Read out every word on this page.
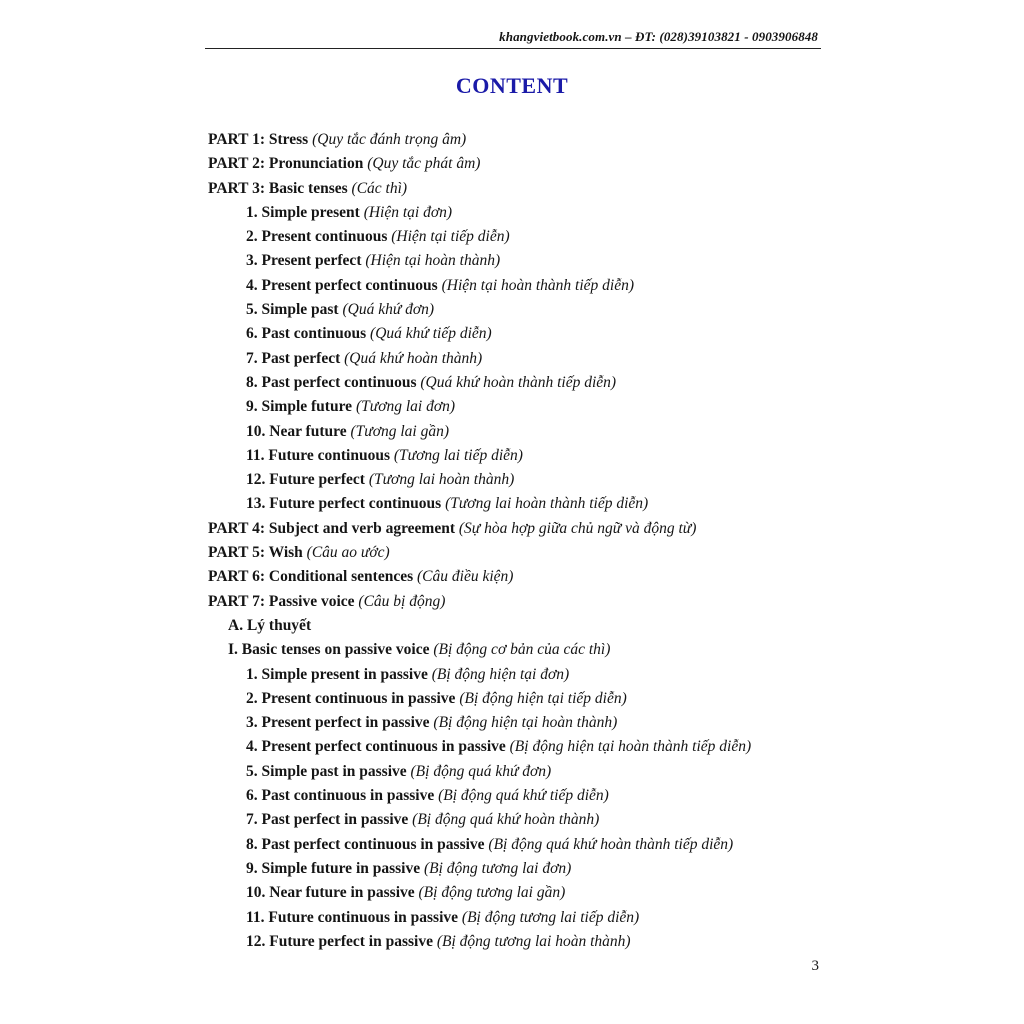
khangvietbook.com.vn – ĐT: (028)39103821 - 0903906848
CONTENT
PART 1: Stress (Quy tắc đánh trọng âm)
PART 2: Pronunciation (Quy tắc phát âm)
PART 3: Basic tenses (Các thì)
1. Simple present (Hiện tại đơn)
2. Present continuous (Hiện tại tiếp diễn)
3. Present perfect (Hiện tại hoàn thành)
4. Present perfect continuous (Hiện tại hoàn thành tiếp diễn)
5. Simple past (Quá khứ đơn)
6. Past continuous (Quá khứ tiếp diễn)
7. Past perfect (Quá khứ hoàn thành)
8. Past perfect continuous (Quá khứ hoàn thành tiếp diễn)
9. Simple future (Tương lai đơn)
10. Near future (Tương lai gần)
11. Future continuous (Tương lai tiếp diễn)
12. Future perfect (Tương lai hoàn thành)
13. Future perfect continuous (Tương lai hoàn thành tiếp diễn)
PART 4: Subject and verb agreement (Sự hòa hợp giữa chủ ngữ và động từ)
PART 5: Wish (Câu ao ước)
PART 6: Conditional sentences (Câu điều kiện)
PART 7: Passive voice (Câu bị động)
A. Lý thuyết
I. Basic tenses on passive voice (Bị động cơ bản của các thì)
1. Simple present in passive (Bị động hiện tại đơn)
2. Present continuous in passive (Bị động hiện tại tiếp diễn)
3. Present perfect in passive (Bị động hiện tại hoàn thành)
4. Present perfect continuous in passive (Bị động hiện tại hoàn thành tiếp diễn)
5. Simple past in passive (Bị động quá khứ đơn)
6. Past continuous in passive (Bị động quá khứ tiếp diễn)
7. Past perfect in passive (Bị động quá khứ hoàn thành)
8. Past perfect continuous in passive (Bị động quá khứ hoàn thành tiếp diễn)
9. Simple future in passive (Bị động tương lai đơn)
10. Near future in passive (Bị động tương lai gần)
11. Future continuous in passive (Bị động tương lai tiếp diễn)
12. Future perfect in passive (Bị động tương lai hoàn thành)
3
